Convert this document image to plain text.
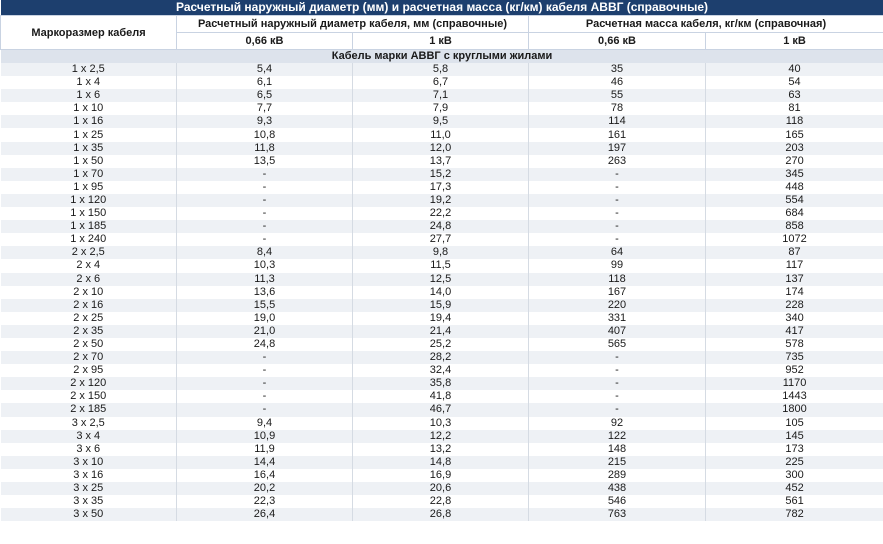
Расчетный наружный диаметр (мм) и расчетная масса (кг/км) кабеля АВВГ (справочные)				
Маркоразмер кабеля	Расчетный наружный диаметр кабеля, мм (справочные)		Расчетная масса кабеля, кг/км (справочная)	
	0,66 кВ	1 кВ	0,66 кВ	1 кВ
Кабель марки АВВГ с круглыми жилами				
1 х 2,5	5,4	5,8	35	40
1 х 4	6,1	6,7	46	54
1 х 6	6,5	7,1	55	63
1 х 10	7,7	7,9	78	81
1 х 16	9,3	9,5	114	118
1 х 25	10,8	11,0	161	165
1 х 35	11,8	12,0	197	203
1 х 50	13,5	13,7	263	270
1 х 70	-	15,2	-	345
1 х 95	-	17,3	-	448
1 х 120	-	19,2	-	554
1 х 150	-	22,2	-	684
1 х 185	-	24,8	-	858
1 х 240	-	27,7	-	1072
2 х 2,5	8,4	9,8	64	87
2 х 4	10,3	11,5	99	117
2 х 6	11,3	12,5	118	137
2 х 10	13,6	14,0	167	174
2 х 16	15,5	15,9	220	228
2 х 25	19,0	19,4	331	340
2 х 35	21,0	21,4	407	417
2 х 50	24,8	25,2	565	578
2 х 70	-	28,2	-	735
2 х 95	-	32,4	-	952
2 х 120	-	35,8	-	1170
2 х 150	-	41,8	-	1443
2 х 185	-	46,7	-	1800
3 х 2,5	9,4	10,3	92	105
3 х 4	10,9	12,2	122	145
3 х 6	11,9	13,2	148	173
3 х 10	14,4	14,8	215	225
3 х 16	16,4	16,9	289	300
3 х 25	20,2	20,6	438	452
3 х 35	22,3	22,8	546	561
3 х 50	26,4	26,8	763	782
